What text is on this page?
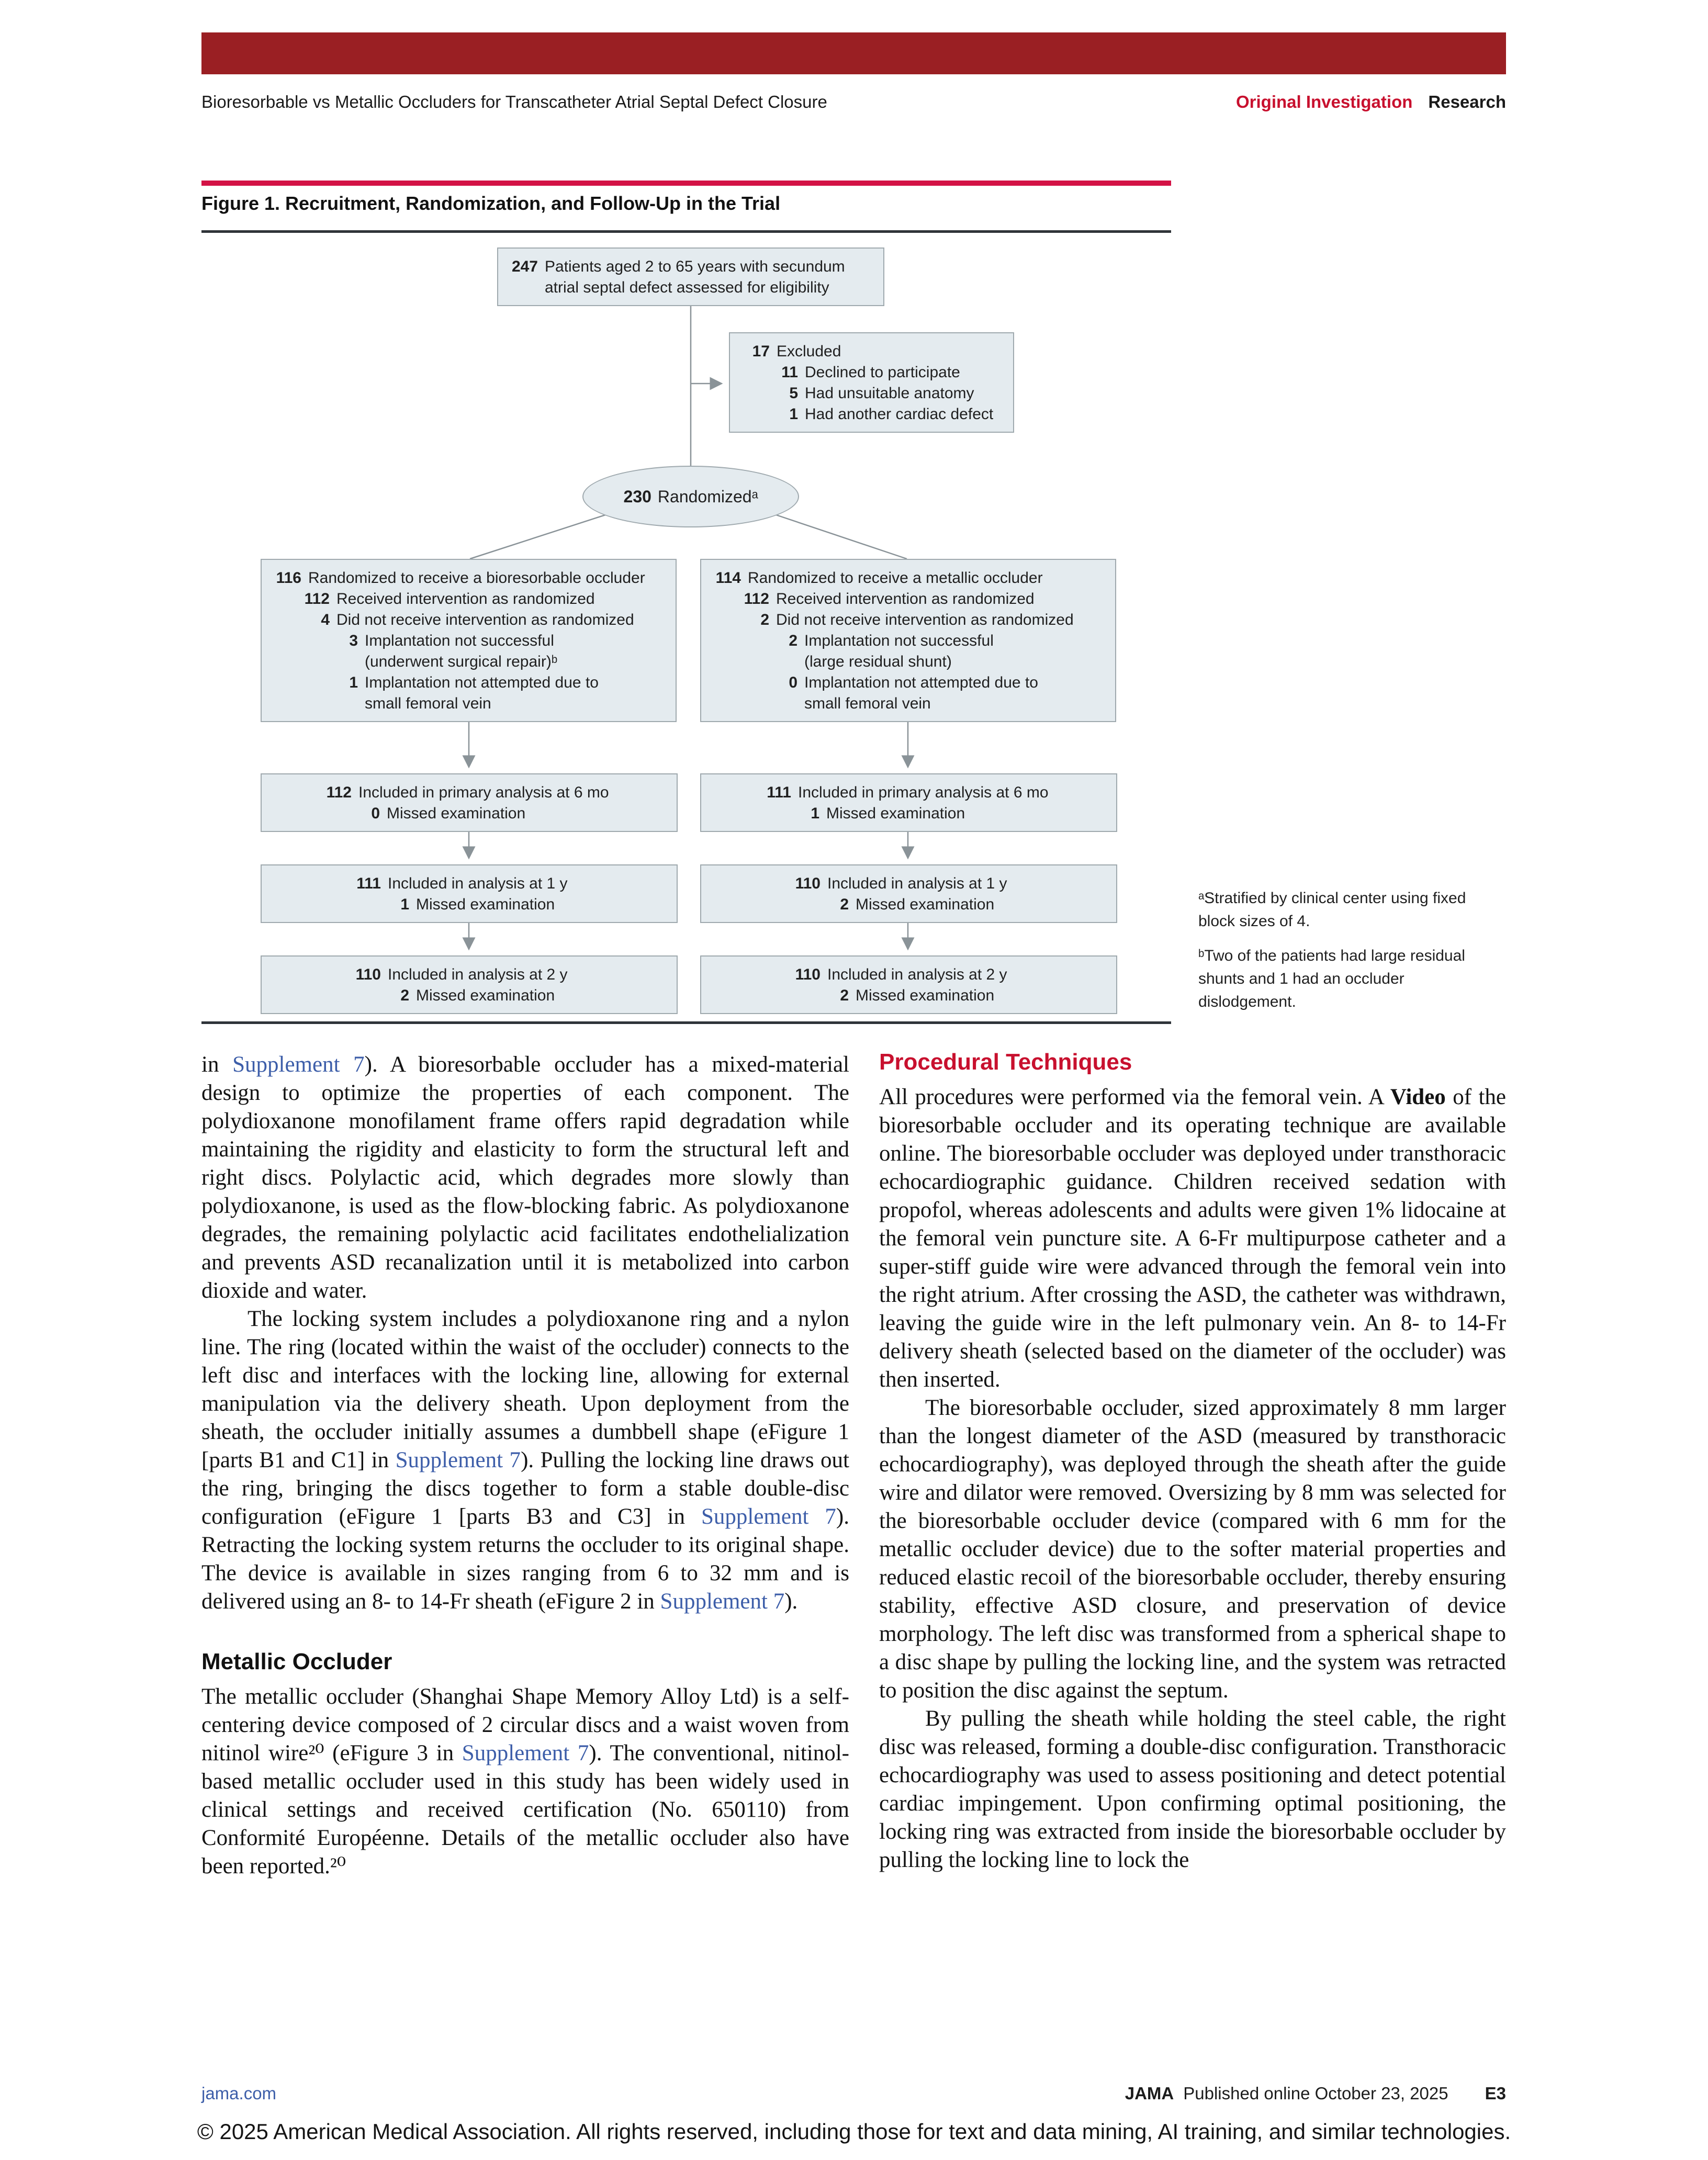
Bioresorbable vs Metallic Occluders for Transcatheter Atrial Septal Defect Closure	Original Investigation Research
Figure 1. Recruitment, Randomization, and Follow-Up in the Trial
247 Patients aged 2 to 65 years with secundum atrial septal defect assessed for eligibility
17 Excluded
11 Declined to participate
5 Had unsuitable anatomy
1 Had another cardiac defect
230 Randomizedᵃ
116 Randomized to receive a bioresorbable occluder
112 Received intervention as randomized
4 Did not receive intervention as randomized
3 Implantation not successful
(underwent surgical repair)ᵇ
1 Implantation not attempted due to
small femoral vein
114 Randomized to receive a metallic occluder
112 Received intervention as randomized
2 Did not receive intervention as randomized
2 Implantation not successful
(large residual shunt)
0 Implantation not attempted due to
small femoral vein
112 Included in primary analysis at 6 mo
0 Missed examination
111 Included in primary analysis at 6 mo
1 Missed examination
111 Included in analysis at 1 y
1 Missed examination
110 Included in analysis at 1 y
2 Missed examination
110 Included in analysis at 2 y
2 Missed examination
110 Included in analysis at 2 y
2 Missed examination

ᵃStratified by clinical center using fixed block sizes of 4.

ᵇTwo of the patients had large residual shunts and 1 had an occluder dislodgement.

in Supplement 7). A bioresorbable occluder has a mixed-material design to optimize the properties of each component. The polydioxanone monofilament frame offers rapid degradation while maintaining the rigidity and elasticity to form the structural left and right discs. Polylactic acid, which degrades more slowly than polydioxanone, is used as the flow-blocking fabric. As polydioxanone degrades, the remaining polylactic acid facilitates endothelialization and prevents ASD recanalization until it is metabolized into carbon dioxide and water.

The locking system includes a polydioxanone ring and a nylon line. The ring (located within the waist of the occluder) connects to the left disc and interfaces with the locking line, allowing for external manipulation via the delivery sheath. Upon deployment from the sheath, the occluder initially assumes a dumbbell shape (eFigure 1 [parts B1 and C1] in Supplement 7). Pulling the locking line draws out the ring, bringing the discs together to form a stable double-disc configuration (eFigure 1 [parts B3 and C3] in Supplement 7). Retracting the locking system returns the occluder to its original shape. The device is available in sizes ranging from 6 to 32 mm and is delivered using an 8- to 14-Fr sheath (eFigure 2 in Supplement 7).

Metallic Occluder

The metallic occluder (Shanghai Shape Memory Alloy Ltd) is a self-centering device composed of 2 circular discs and a waist woven from nitinol wire²⁰ (eFigure 3 in Supplement 7). The conventional, nitinol-based metallic occluder used in this study has been widely used in clinical settings and received certification (No. 650110) from Conformité Européenne. Details of the metallic occluder also have been reported.²⁰

Procedural Techniques

All procedures were performed via the femoral vein. A Video of the bioresorbable occluder and its operating technique are available online. The bioresorbable occluder was deployed under transthoracic echocardiographic guidance. Children received sedation with propofol, whereas adolescents and adults were given 1% lidocaine at the femoral vein puncture site. A 6-Fr multipurpose catheter and a super-stiff guide wire were advanced through the femoral vein into the right atrium. After crossing the ASD, the catheter was withdrawn, leaving the guide wire in the left pulmonary vein. An 8- to 14-Fr delivery sheath (selected based on the diameter of the occluder) was then inserted.

The bioresorbable occluder, sized approximately 8 mm larger than the longest diameter of the ASD (measured by transthoracic echocardiography), was deployed through the sheath after the guide wire and dilator were removed. Oversizing by 8 mm was selected for the bioresorbable occluder device (compared with 6 mm for the metallic occluder device) due to the softer material properties and reduced elastic recoil of the bioresorbable occluder, thereby ensuring stability, effective ASD closure, and preservation of device morphology. The left disc was transformed from a spherical shape to a disc shape by pulling the locking line, and the system was retracted to position the disc against the septum.

By pulling the sheath while holding the steel cable, the right disc was released, forming a double-disc configuration. Transthoracic echocardiography was used to assess positioning and detect potential cardiac impingement. Upon confirming optimal positioning, the locking ring was extracted from inside the bioresorbable occluder by pulling the locking line to lock the

jama.com	JAMA Published online October 23, 2025 E3
© 2025 American Medical Association. All rights reserved, including those for text and data mining, AI training, and similar technologies.
